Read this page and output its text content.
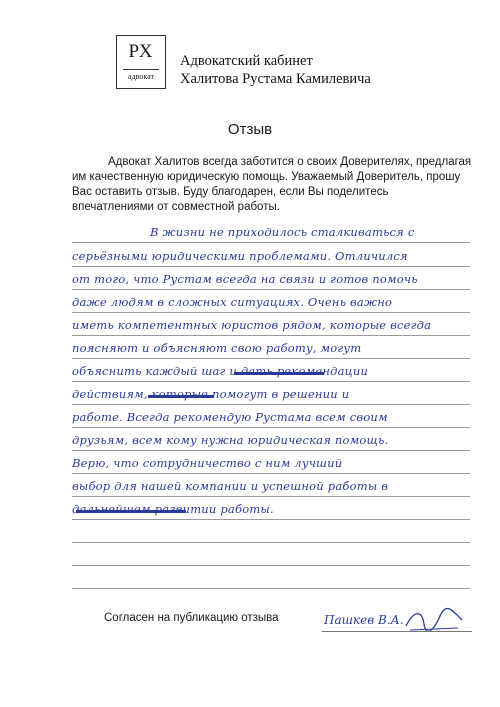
РХ
адвокат
Адвокатский кабинет
Халитова Рустама Камилевича
Отзыв

Адвокат Халитов всегда заботится о своих Доверителях, предлагая им качественную юридическую помощь. Уважаемый Доверитель, прошу Вас оставить отзыв. Буду благодарен, если Вы поделитесь впечатлениями от совместной работы.

В жизни не приходилось сталкиваться с
серьёзными юридическими проблемами. Отличился
от того, что Рустам всегда на связи и готов помочь
даже людям в сложных ситуациях. Очень важно
иметь компетентных юристов рядом, которые всегда
поясняют и объясняют свою работу, могут
объяснить каждый шаг и дать рекомендации
действиям, которые помогут в решении и
работе. Всегда рекомендую Рустама всем своим
друзьям, всем кому нужна юридическая помощь.
Верю, что сотрудничество с ним лучший
выбор для нашей компании и успешной работы в
дальнейшем развитии работы.
Согласен на публикацию отзыва	Пашкев В.А.
